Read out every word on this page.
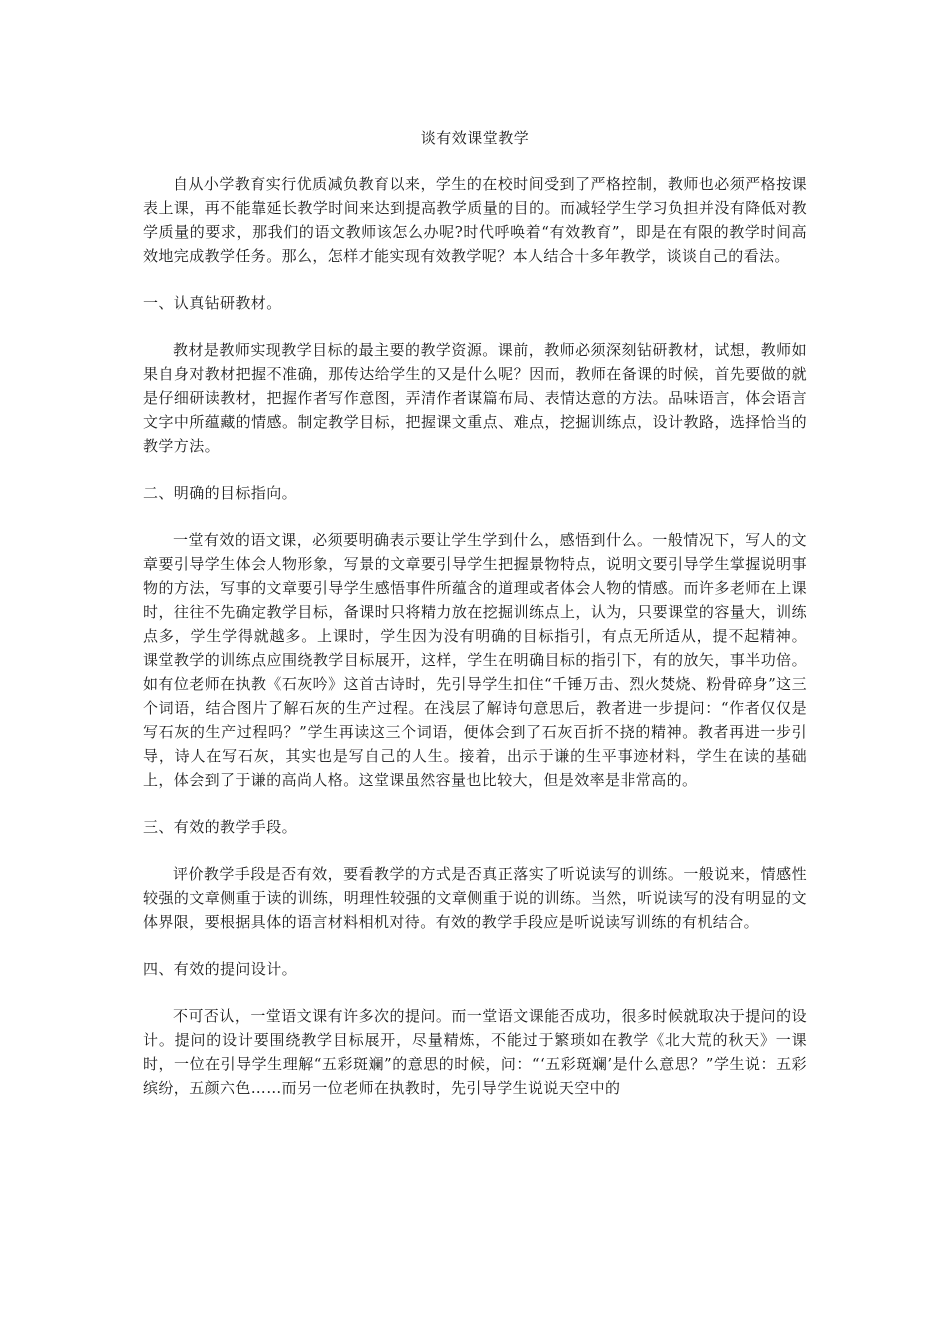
谈有效课堂教学
自从小学教育实行优质减负教育以来，学生的在校时间受到了严格控制，教师也必须严格按课表上课，再不能靠延长教学时间来达到提高教学质量的目的。而减轻学生学习负担并没有降低对教学质量的要求，那我们的语文教师该怎么办呢?时代呼唤着“有效教育”，即是在有限的教学时间高效地完成教学任务。那么，怎样才能实现有效教学呢？本人结合十多年教学，谈谈自己的看法。
一、认真钻研教材。
教材是教师实现教学目标的最主要的教学资源。课前，教师必须深刻钻研教材，试想，教师如果自身对教材把握不准确，那传达给学生的又是什么呢？因而，教师在备课的时候，首先要做的就是仔细研读教材，把握作者写作意图，弄清作者谋篇布局、表情达意的方法。品味语言，体会语言文字中所蕴藏的情感。制定教学目标，把握课文重点、难点，挖掘训练点，设计教路，选择恰当的教学方法。
二、明确的目标指向。
一堂有效的语文课，必须要明确表示要让学生学到什么，感悟到什么。一般情况下，写人的文章要引导学生体会人物形象，写景的文章要引导学生把握景物特点，说明文要引导学生掌握说明事物的方法，写事的文章要引导学生感悟事件所蕴含的道理或者体会人物的情感。而许多老师在上课时，往往不先确定教学目标，备课时只将精力放在挖掘训练点上，认为，只要课堂的容量大，训练点多，学生学得就越多。上课时，学生因为没有明确的目标指引，有点无所适从，提不起精神。 课堂教学的训练点应围绕教学目标展开，这样，学生在明确目标的指引下，有的放矢，事半功倍。如有位老师在执教《石灰吟》这首古诗时，先引导学生扣住“千锤万击、烈火焚烧、粉骨碎身”这三个词语，结合图片了解石灰的生产过程。在浅层了解诗句意思后，教者进一步提问：“作者仅仅是写石灰的生产过程吗？”学生再读这三个词语，便体会到了石灰百折不挠的精神。教者再进一步引导，诗人在写石灰，其实也是写自己的人生。接着，出示于谦的生平事迹材料，学生在读的基础上，体会到了于谦的高尚人格。这堂课虽然容量也比较大，但是效率是非常高的。
三、有效的教学手段。
评价教学手段是否有效，要看教学的方式是否真正落实了听说读写的训练。一般说来，情感性较强的文章侧重于读的训练，明理性较强的文章侧重于说的训练。当然，听说读写的没有明显的文体界限，要根据具体的语言材料相机对待。有效的教学手段应是听说读写训练的有机结合。
四、有效的提问设计。
不可否认，一堂语文课有许多次的提问。而一堂语文课能否成功，很多时候就取决于提问的设计。提问的设计要围绕教学目标展开，尽量精炼，不能过于繁琐如在教学《北大荒的秋天》一课时，一位在引导学生理解“五彩斑斓”的意思的时候，问：“‘五彩斑斓’是什么意思？”学生说：五彩缤纷，五颜六色……而另一位老师在执教时，先引导学生说说天空中的
